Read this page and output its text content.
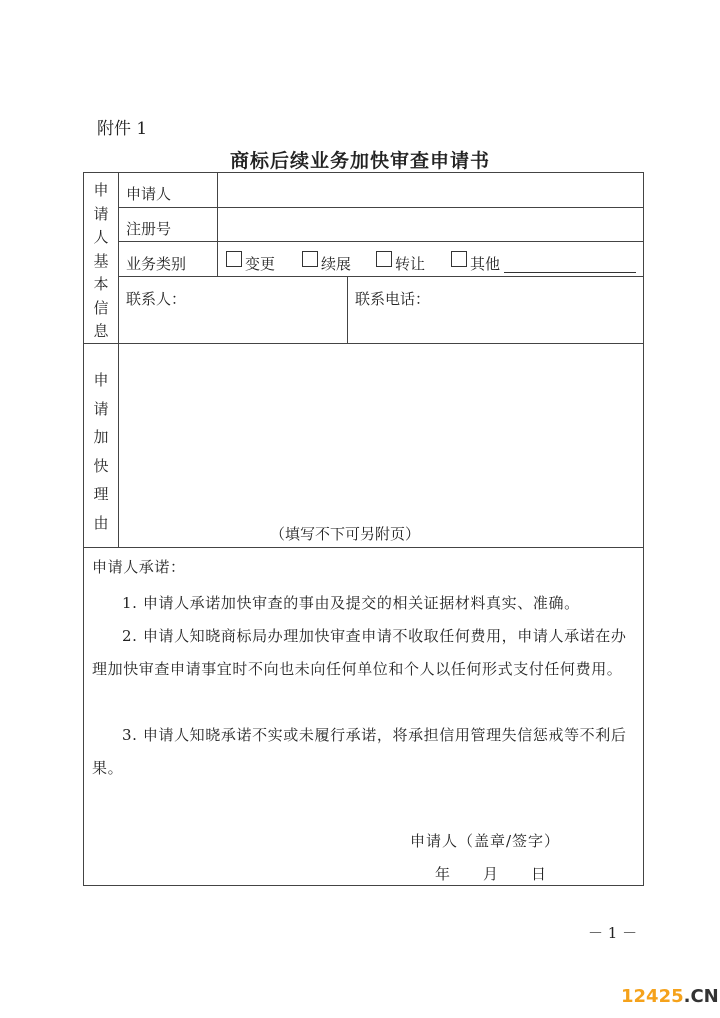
附件 1
商标后续业务加快审查申请书
申
请
人
基
本
信
息
申请人
注册号
业务类别	变更	续展	转让	其他
联系人：	联系电话：
申
请
加
快
理
由
（填写不下可另附页）
申请人承诺：
1. 申请人承诺加快审查的事由及提交的相关证据材料真实、准确。
2. 申请人知晓商标局办理加快审查申请不收取任何费用，申请人承诺在办理加快审查申请事宜时不向也未向任何单位和个人以任何形式支付任何费用。
3. 申请人知晓承诺不实或未履行承诺，将承担信用管理失信惩戒等不利后果。
申请人（盖章/签字）
年　　月　　日
－ 1 －
12425.CN
